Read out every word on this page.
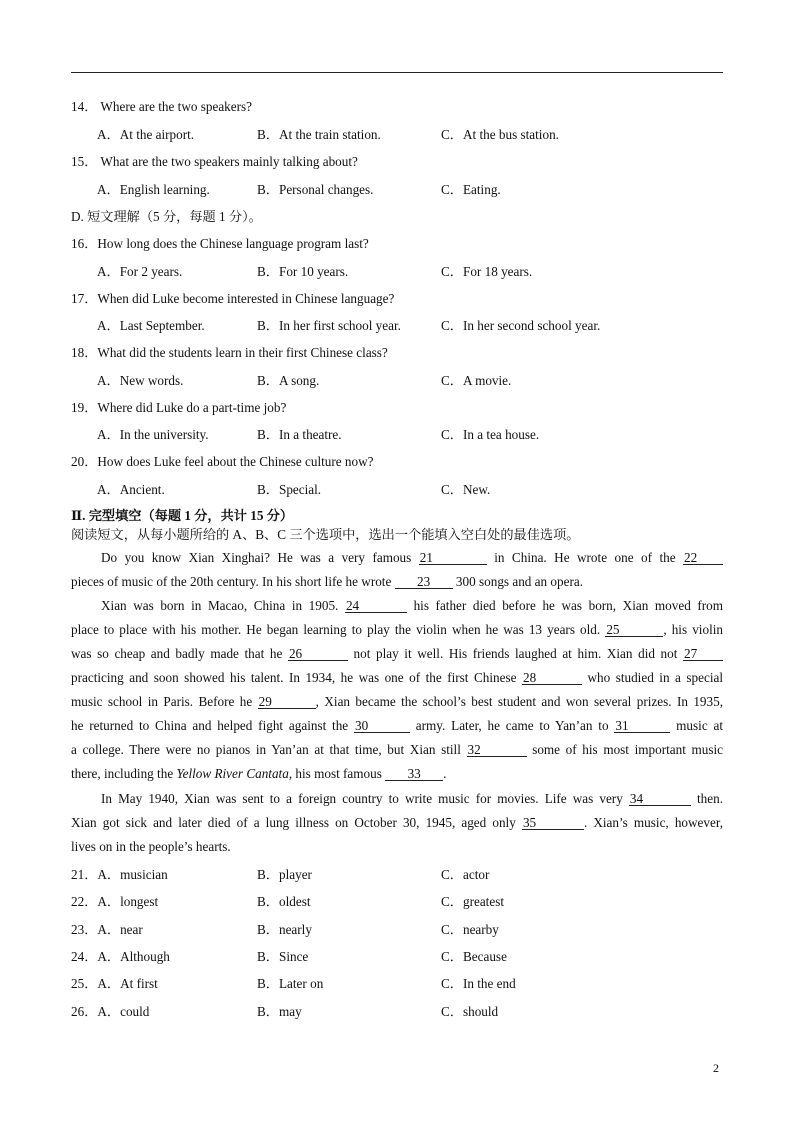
14． Where are the two speakers?
A．At the airport.	B．At the train station.	C．At the bus station.
15． What are the two speakers mainly talking about?
A．English learning.	B．Personal changes.	C．Eating.
D. 短文理解（5 分，每题 1 分）。
16．How long does the Chinese language program last?
A．For 2 years.	B．For 10 years.	C．For 18 years.
17．When did Luke become interested in Chinese language?
A．Last September.	B．In her first school year.	C．In her second school year.
18．What did the students learn in their first Chinese class?
A．New words.	B．A song.	C．A movie.
19．Where did Luke do a part-time job?
A．In the university.	B．In a theatre.	C．In a tea house.
20．How does Luke feel about the Chinese culture now?
A．Ancient.	B．Special.	C．New.
Ⅱ. 完型填空（每题 1 分，共计 15 分）
阅读短文，从每小题所给的 A、B、C 三个选项中，选出一个能填入空白处的最佳选项。
Do you know Xian Xinghai? He was a very famous 21	in China. He wrote one of the 22
pieces of music of the 20th century. In his short life he wrote 23 300 songs and an opera.
Xian was born in Macao, China in 1905. 24	his father died before he was born, Xian moved from
place to place with his mother. He began learning to play the violin when he was 13 years old. 25	, his violin
was so cheap and badly made that he 26	not play it well. His friends laughed at him. Xian did not 27
practicing and soon showed his talent. In 1934, he was one of the first Chinese 28	who studied in a special
music school in Paris. Before he 29	, Xian became the school’s best student and won several prizes. In 1935,
he returned to China and helped fight against the 30	army. Later, he came to Yan’an to 31	music at
a college. There were no pianos in Yan’an at that time, but Xian still 32	some of his most important music
there, including the Yellow River Cantata, his most famous 33 .
In May 1940, Xian was sent to a foreign country to write music for movies. Life was very 34	then.
Xian got sick and later died of a lung illness on October 30, 1945, aged only 35	. Xian’s music, however,
lives on in the people’s hearts.
21．A．musician	B．player	C．actor
22．A．longest	B．oldest	C．greatest
23．A．near	B．nearly	C．nearby
24．A．Although	B．Since	C．Because
25．A．At first	B．Later on	C．In the end
26．A．could	B．may	C．should
2
